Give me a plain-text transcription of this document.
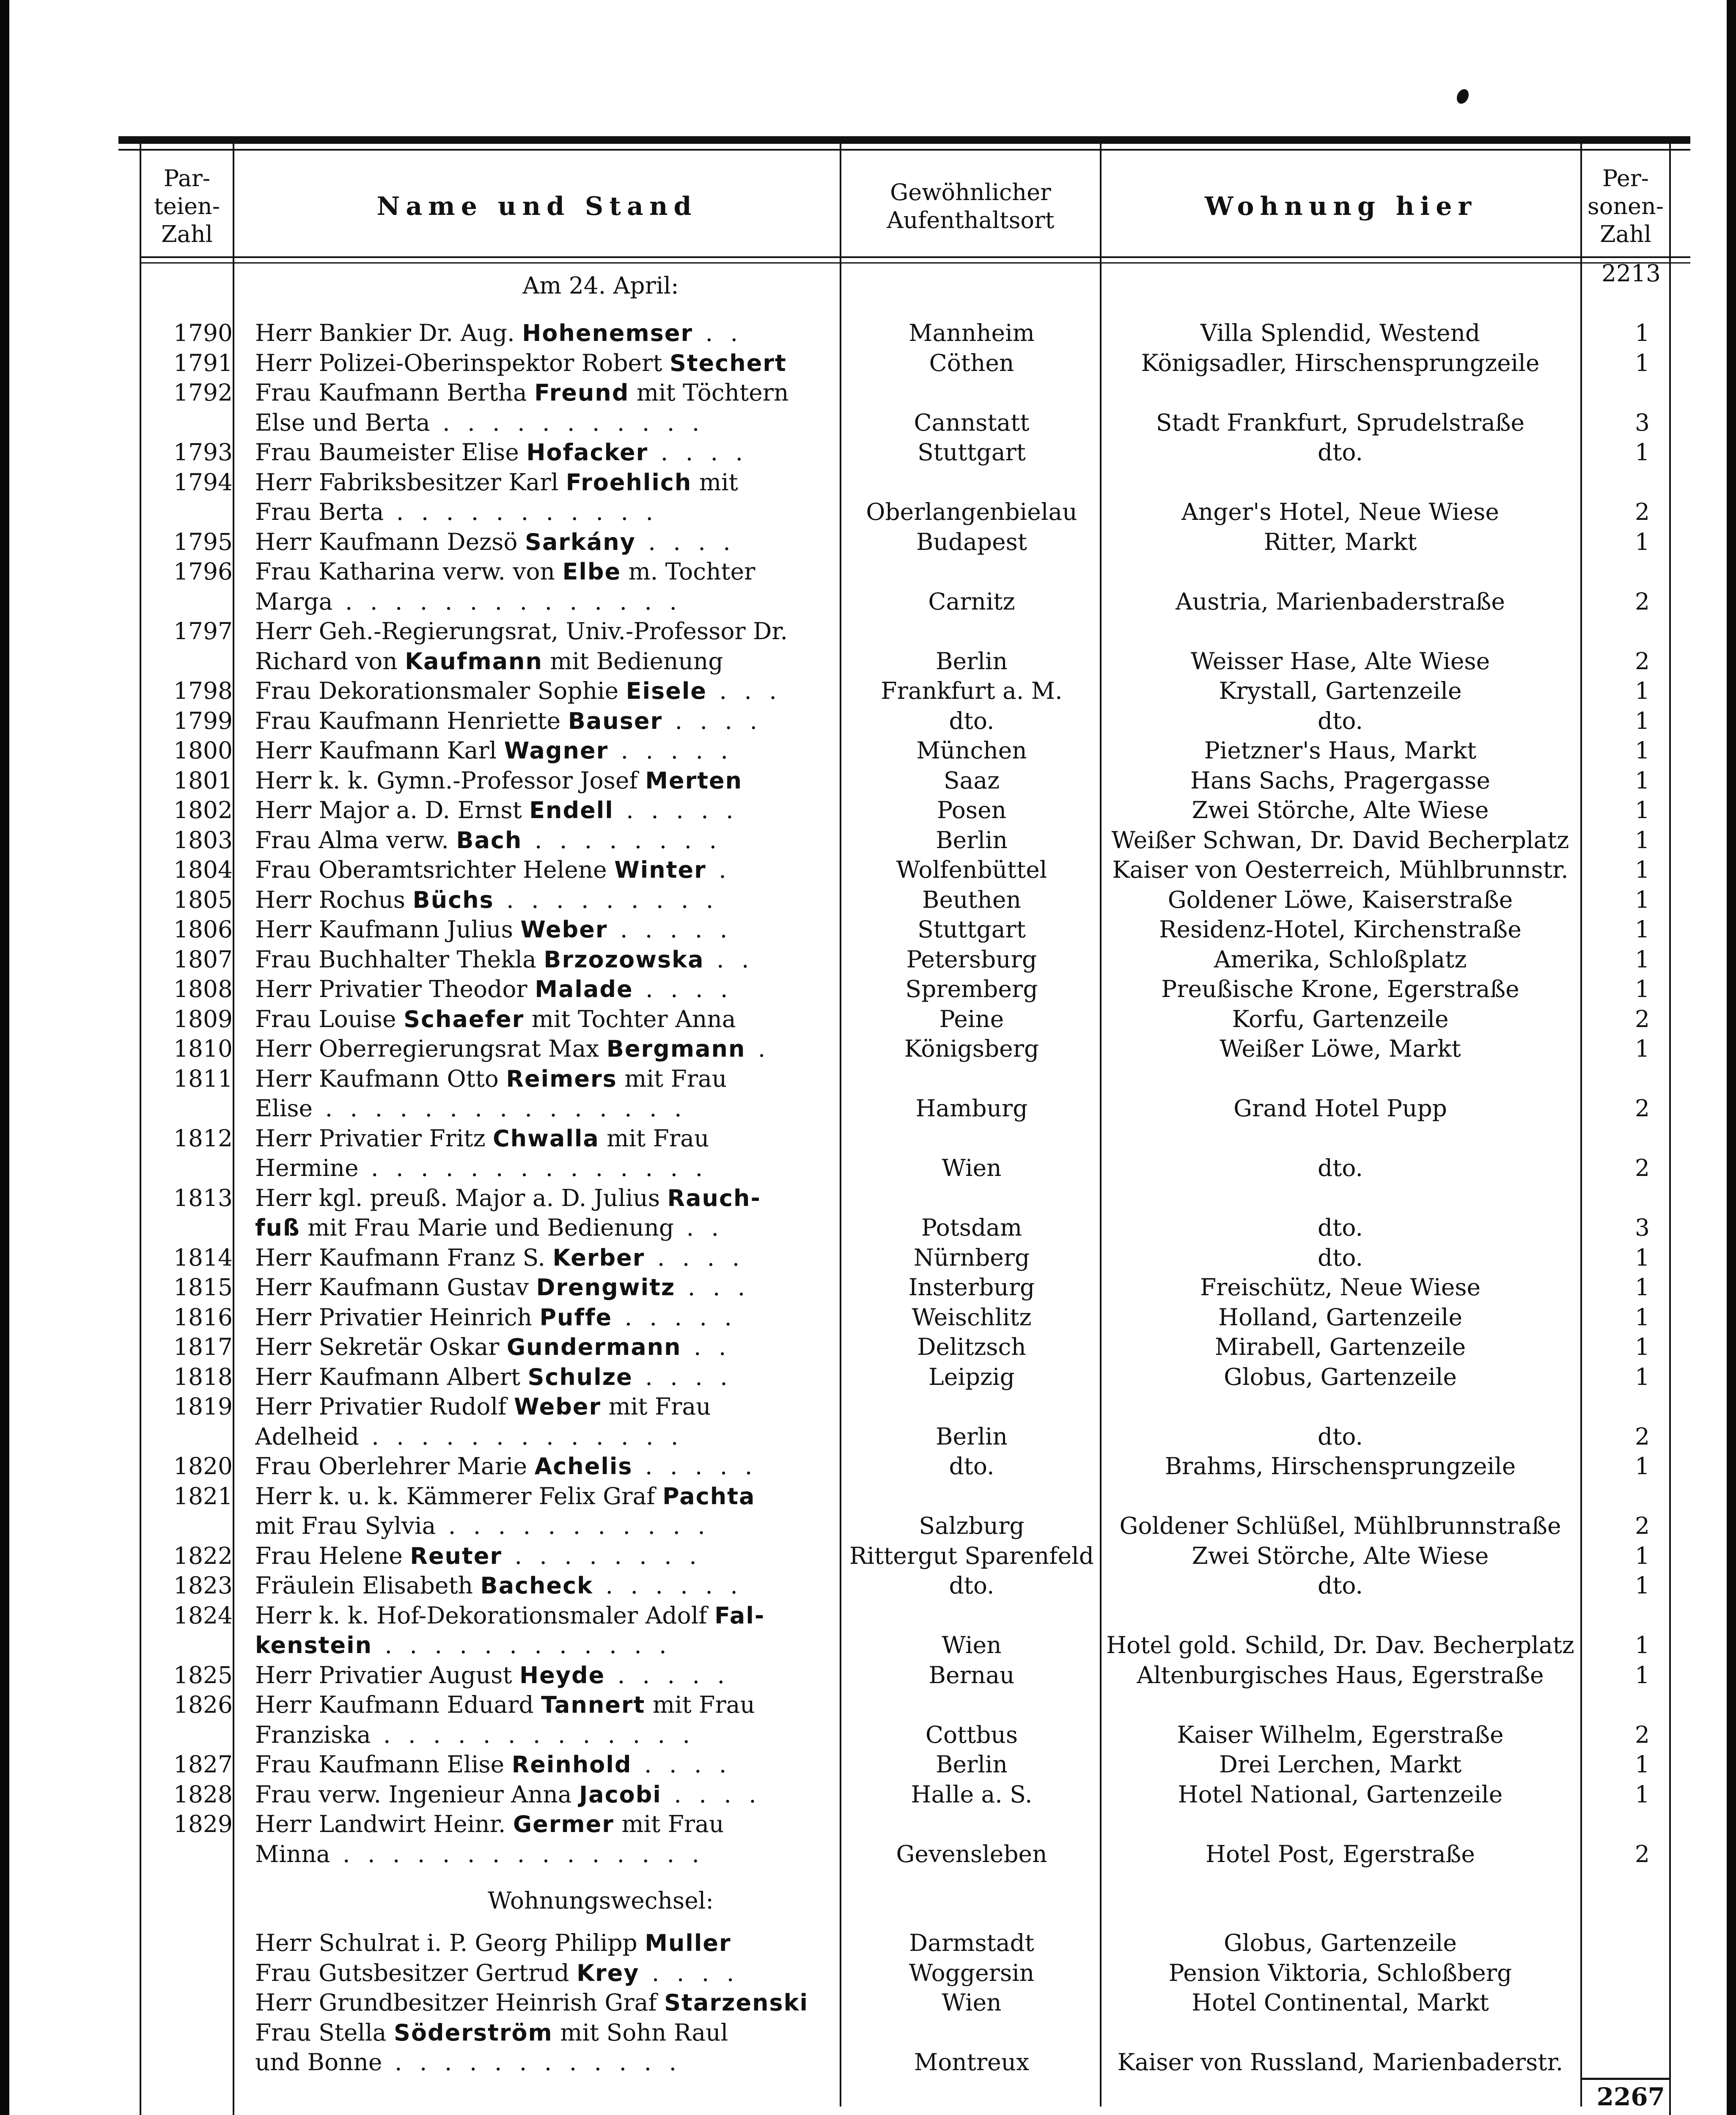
Par-
teien-
Zahl
Name und Stand	Gewöhnlicher
Aufenthaltsort	Wohnung hier
Per-
sonen-
Zahl
2213
Am 24. April:
1790 Herr Bankier Dr. Aug. Hohenemser . .	Mannheim	Villa Splendid, Westend	1
1791 Herr Polizei-Oberinspektor Robert Stechert	Cöthen	Königsadler, Hirschensprungzeile	1
1792 Frau Kaufmann Bertha Freund mit Töchtern
Else und Berta . . . . . . . . . . .	Cannstatt	Stadt Frankfurt, Sprudelstraße	3
1793 Frau Baumeister Elise Hofacker . . . .	Stuttgart	dto.	1
1794 Herr Fabriksbesitzer Karl Froehlich mit
Frau Berta . . . . . . . . . . .	Oberlangenbielau	Anger's Hotel, Neue Wiese	2
1795 Herr Kaufmann Dezsö Sarkány . . . .	Budapest	Ritter, Markt	1
1796 Frau Katharina verw. von Elbe m. Tochter
Marga . . . . . . . . . . . . . .	Carnitz	Austria, Marienbaderstraße	2
1797 Herr Geh.-Regierungsrat, Univ.-Professor Dr.
Richard von Kaufmann mit Bedienung	Berlin	Weisser Hase, Alte Wiese	2
1798 Frau Dekorationsmaler Sophie Eisele . . .	Frankfurt a. M.	Krystall, Gartenzeile	1
1799 Frau Kaufmann Henriette Bauser . . . .	dto.	dto.	1
1800 Herr Kaufmann Karl Wagner . . . . .	München	Pietzner's Haus, Markt	1
1801 Herr k. k. Gymn.-Professor Josef Merten	Saaz	Hans Sachs, Pragergasse	1
1802 Herr Major a. D. Ernst Endell . . . . .	Posen	Zwei Störche, Alte Wiese	1
1803 Frau Alma verw. Bach . . . . . . . .	Berlin	Weißer Schwan, Dr. David Becherplatz	1
1804 Frau Oberamtsrichter Helene Winter .	Wolfenbüttel	Kaiser von Oesterreich, Mühlbrunnstr.	1
1805 Herr Rochus Büchs . . . . . . . . .	Beuthen	Goldener Löwe, Kaiserstraße	1
1806 Herr Kaufmann Julius Weber . . . . .	Stuttgart	Residenz-Hotel, Kirchenstraße	1
1807 Frau Buchhalter Thekla Brzozowska . .	Petersburg	Amerika, Schloßplatz	1
1808 Herr Privatier Theodor Malade . . . .	Spremberg	Preußische Krone, Egerstraße	1
1809 Frau Louise Schaefer mit Tochter Anna	Peine	Korfu, Gartenzeile	2
1810 Herr Oberregierungsrat Max Bergmann .	Königsberg	Weißer Löwe, Markt	1
1811 Herr Kaufmann Otto Reimers mit Frau
Elise . . . . . . . . . . . . . . .	Hamburg	Grand Hotel Pupp	2
1812 Herr Privatier Fritz Chwalla mit Frau
Hermine . . . . . . . . . . . . . .	Wien	dto.	2
1813 Herr kgl. preuß. Major a. D. Julius Rauch-
fuß mit Frau Marie und Bedienung . .	Potsdam	dto.	3
1814 Herr Kaufmann Franz S. Kerber . . . .	Nürnberg	dto.	1
1815 Herr Kaufmann Gustav Drengwitz . . .	Insterburg	Freischütz, Neue Wiese	1
1816 Herr Privatier Heinrich Puffe . . . . .	Weischlitz	Holland, Gartenzeile	1
1817 Herr Sekretär Oskar Gundermann . .	Delitzsch	Mirabell, Gartenzeile	1
1818 Herr Kaufmann Albert Schulze . . . .	Leipzig	Globus, Gartenzeile	1
1819 Herr Privatier Rudolf Weber mit Frau
Adelheid . . . . . . . . . . . . .	Berlin	dto.	2
1820 Frau Oberlehrer Marie Achelis . . . . .	dto.	Brahms, Hirschensprungzeile	1
1821 Herr k. u. k. Kämmerer Felix Graf Pachta
mit Frau Sylvia . . . . . . . . . . .	Salzburg	Goldener Schlüßel, Mühlbrunnstraße	2
1822 Frau Helene Reuter . . . . . . . .	Rittergut Sparenfeld	Zwei Störche, Alte Wiese	1
1823 Fräulein Elisabeth Bacheck . . . . . .	dto.	dto.	1
1824 Herr k. k. Hof-Dekorationsmaler Adolf Fal-
kenstein . . . . . . . . . . . .	Wien	Hotel gold. Schild, Dr. Dav. Becherplatz	1
1825 Herr Privatier August Heyde . . . . .	Bernau	Altenburgisches Haus, Egerstraße	1
1826 Herr Kaufmann Eduard Tannert mit Frau
Franziska . . . . . . . . . . . . .	Cottbus	Kaiser Wilhelm, Egerstraße	2
1827 Frau Kaufmann Elise Reinhold . . . .	Berlin	Drei Lerchen, Markt	1
1828 Frau verw. Ingenieur Anna Jacobi . . . .	Halle a. S.	Hotel National, Gartenzeile	1
1829 Herr Landwirt Heinr. Germer mit Frau
Minna . . . . . . . . . . . . . . .	Gevensleben	Hotel Post, Egerstraße	2
Wohnungswechsel:
Herr Schulrat i. P. Georg Philipp Muller	Darmstadt	Globus, Gartenzeile
Frau Gutsbesitzer Gertrud Krey . . . .	Woggersin	Pension Viktoria, Schloßberg
Herr Grundbesitzer Heinrish Graf Starzenski	Wien	Hotel Continental, Markt
Frau Stella Söderström mit Sohn Raul
und Bonne . . . . . . . . . . . .	Montreux	Kaiser von Russland, Marienbaderstr.
2267
